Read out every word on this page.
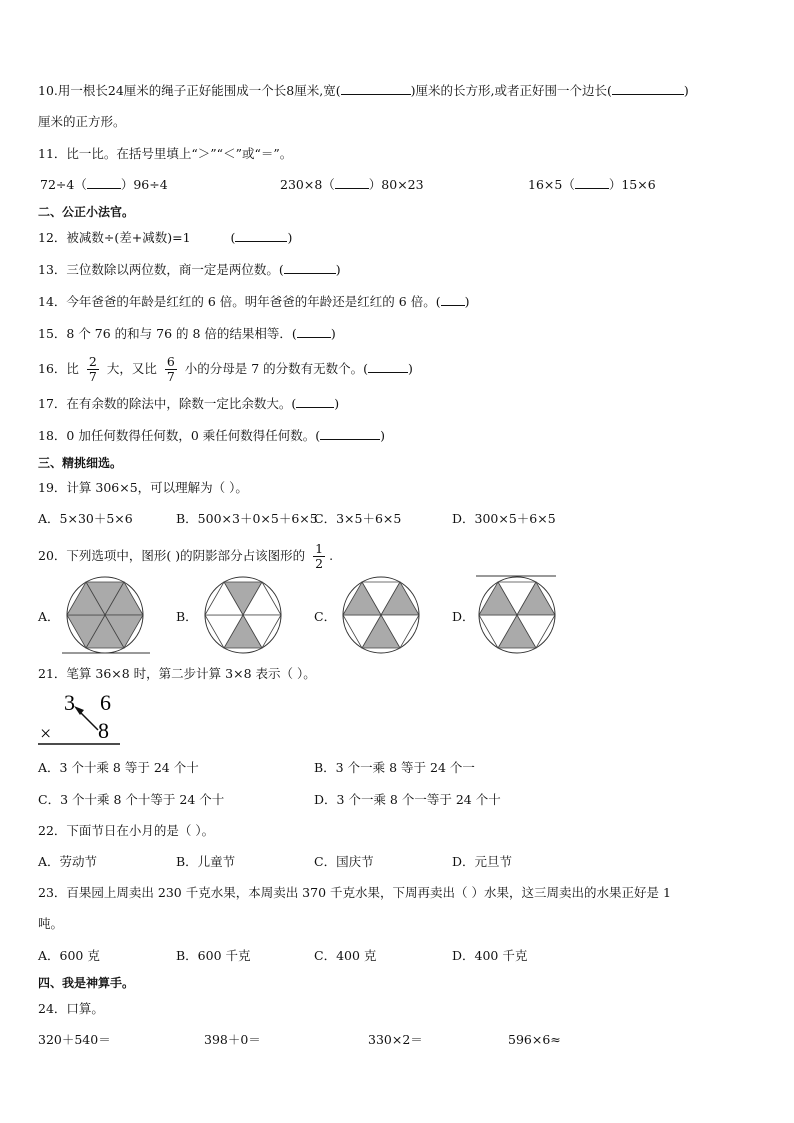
10.用一根长24厘米的绳子正好能围成一个长8厘米,宽(	)厘米的长方形,或者正好围一个边长(	)
厘米的正方形。
11．比一比。在括号里填上“＞”“＜”或“＝”。
72÷4（	）96÷4	230×8（	）80×23	16×5（	）15×6
二、公正小法官。
12．被减数÷(差+减数)=1	(	)
13．三位数除以两位数，商一定是两位数。(	)
14．今年爸爸的年龄是红红的 6 倍。明年爸爸的年龄还是红红的 6 倍。( )
15．8 个 76 的和与 76 的 8 倍的结果相等．(	)
16．比 $\frac{2}{7}$ 大，又比 $\frac{6}{7}$ 小的分母是 7 的分数有无数个。(	)
17．在有余数的除法中，除数一定比余数大。(	)
18．0 加任何数得任何数，0 乘任何数得任何数。(	)
三、精挑细选。
19．计算 306×5，可以理解为（ ）。
A．5×30＋5×6	B．500×3＋0×5＋6×5
C．3×5＋6×5	D．300×5＋6×5
20．下列选项中，图形( )的阴影部分占该图形的 $\frac{1}{2}$ .
A．	B．	C．	D．
21．笔算 36×8 时，第二步计算 3×8 表示（ ）。
3 6
8
×
A．3 个十乘 8 等于 24 个十	B．3 个一乘 8 等于 24 个一
C．3 个十乘 8 个十等于 24 个十	D．3 个一乘 8 个一等于 24 个十
22．下面节日在小月的是（ ）。
A．劳动节	B．儿童节	C．国庆节	D．元旦节
23．百果园上周卖出 230 千克水果，本周卖出 370 千克水果，下周再卖出（ ）水果，这三周卖出的水果正好是 1
吨。
A．600 克	B．600 千克	C．400 克	D．400 千克
四、我是神算手。
24．口算。
320＋540＝	398＋0＝	330×2＝	596×6≈
